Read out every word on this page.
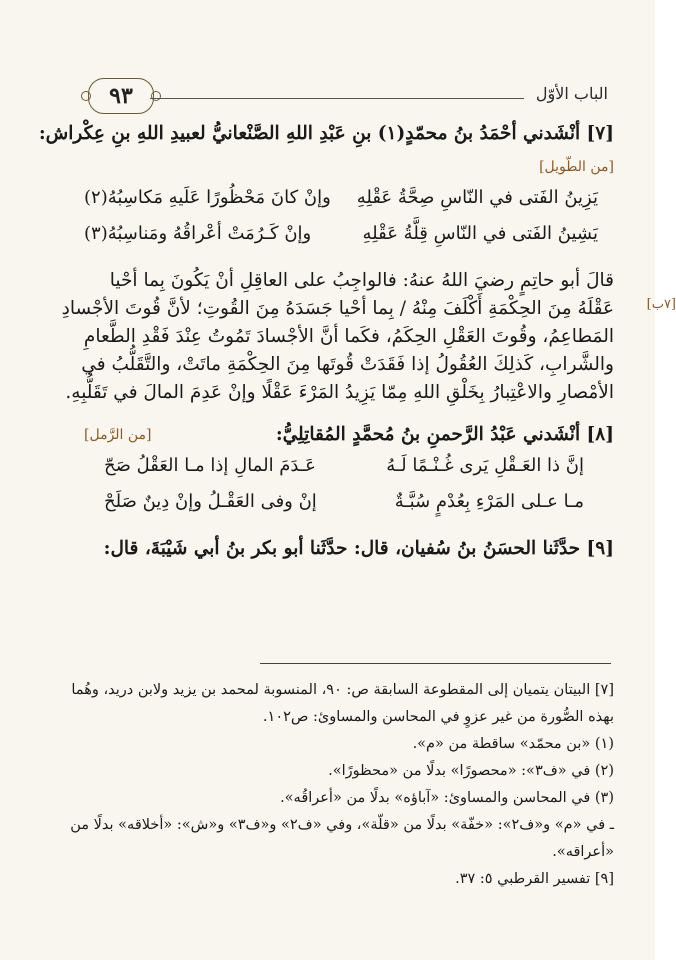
٩٣	الباب الأوّل
[٧] أنْشَدني أحْمَدُ بنُ محمّدٍ(١) بنِ عَبْدِ اللهِ الصَّنْعانيُّ لعبيدِ اللهِ بنِ عِكْراش:
[من الطّويل]
يَزِينُ الفَتى في النّاسِ صِحَّةُ عَقْلِهِ
وإنْ كانَ مَحْظُورًا عَلَيهِ مَكاسِبُهُ(٢)
يَشِينُ الفَتى في النّاسِ قِلَّةُ عَقْلِهِ
وإنْ كَـرُمَتْ أعْراقُهُ ومَناسِبُهُ(٣)
قالَ أبو حاتِمٍ رضيَ اللهُ عنهُ: فالواجِبُ على العاقِلِ أنْ يَكُونَ بِما أحْيا
عَقْلَهُ مِنَ الحِكْمَةِ أَكْلَفَ مِنْهُ / بِما أحْيا جَسَدَهُ مِنَ القُوتِ؛ لأنَّ قُوتَ الأجْسادِ	[٧ب]
المَطاعِمُ، وقُوتَ العَقْلِ الحِكَمُ، فكَما أنَّ الأجْسادَ تَمُوتُ عِنْدَ فَقْدِ الطَّعامِ
والشَّرابِ، كَذلِكَ العُقُولُ إذا فَقَدَتْ قُوتَها مِنَ الحِكْمَةِ ماتَتْ، والتَّقَلُّبُ في
الأمْصارِ والاعْتِبارُ بِخَلْقِ اللهِ مِمّا يَزِيدُ المَرْءَ عَقْلًا وإنْ عَدِمَ المالَ في تَقَلُّبِهِ.
[٨] أنْشَدني عَبْدُ الرَّحمنِ بنُ مُحمَّدٍ المُقاتِلِيُّ:
[من الرَّمل]
إنَّ ذا العَـقْلِ يَرى غُـنْـمًا لَـهُ
عَـدَمَ المالِ إذا مـا العَقْلُ صَحّ
مـا عـلى المَرْءِ بِعُدْمٍ سُبَّـةٌ
إنْ وفى العَقْـلُ وإنْ دِينٌ صَلَحْ
[٩] حدَّثَنا الحسَنُ بنُ سُفيان، قال: حدَّثَنا أبو بكر بنُ أبي شَيْبَةَ، قال:
[٧] البيتان يتميان إلى المقطوعة السابقة ص: ٩٠، المنسوبة لمحمد بن يزيد ولابن دريد، وهُما
بهذه الصُّورة من غير عزوٍ في المحاسن والمساوئ: ص١٠٢.
(١) «بن محمّد» ساقطة من «م».
(٢) في «ف٣»: «محصورًا» بدلًا من «محظورًا».
(٣) في المحاسن والمساوئ: «آباؤه» بدلًا من «أعراقُه».
ـ في «م» و«ف٢»: «خفّة» بدلًا من «قلّة»، وفي «ف٢» و«ف٣» و«ش»: «أخلاقه» بدلًا من
«أعراقه».
[٩] تفسير القرطبي ٥: ٣٧.
